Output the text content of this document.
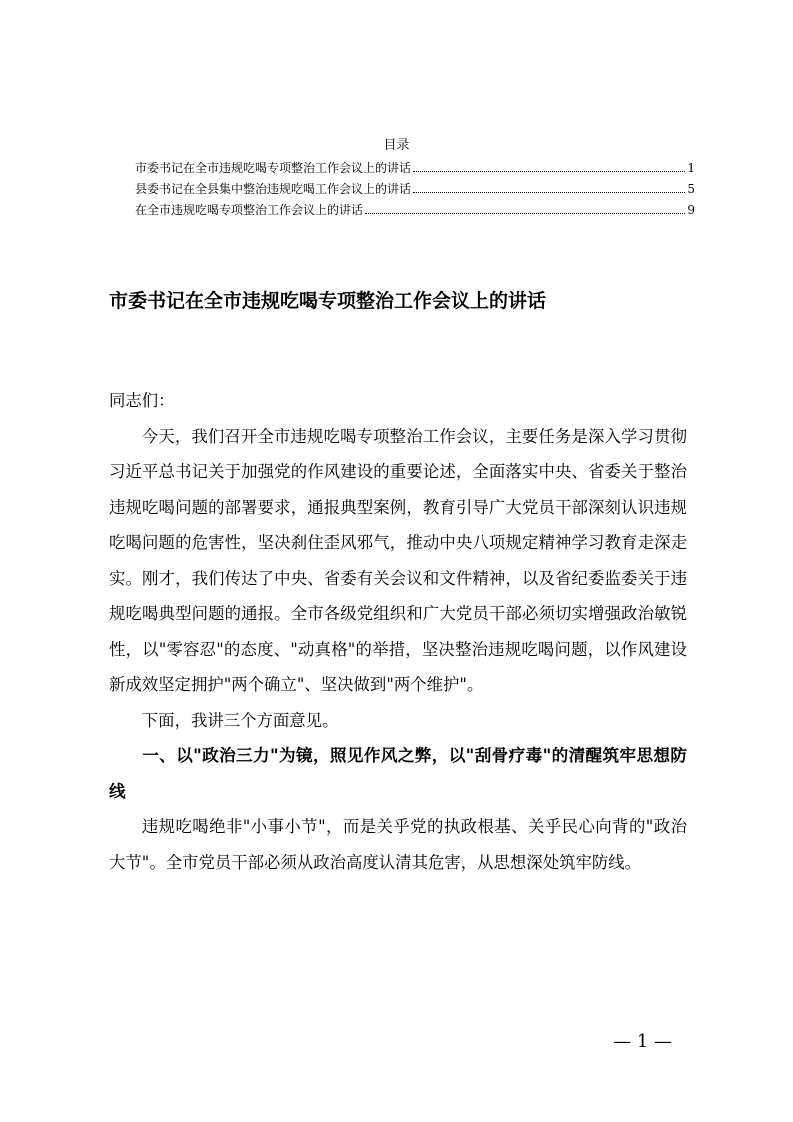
目录
市委书记在全市违规吃喝专项整治工作会议上的讲话	1
县委书记在全县集中整治违规吃喝工作会议上的讲话	5
在全市违规吃喝专项整治工作会议上的讲话	9
市委书记在全市违规吃喝专项整治工作会议上的讲话

同志们：

今天，我们召开全市违规吃喝专项整治工作会议，主要任务是深入学习贯彻习近平总书记关于加强党的作风建设的重要论述，全面落实中央、省委关于整治违规吃喝问题的部署要求，通报典型案例，教育引导广大党员干部深刻认识违规吃喝问题的危害性，坚决刹住歪风邪气，推动中央八项规定精神学习教育走深走实。刚才，我们传达了中央、省委有关会议和文件精神，以及省纪委监委关于违规吃喝典型问题的通报。全市各级党组织和广大党员干部必须切实增强政治敏锐性，以"零容忍"的态度、"动真格"的举措，坚决整治违规吃喝问题，以作风建设新成效坚定拥护"两个确立"、坚决做到"两个维护"。

下面，我讲三个方面意见。

一、以"政治三力"为镜，照见作风之弊，以"刮骨疗毒"的清醒筑牢思想防线

违规吃喝绝非"小事小节"，而是关乎党的执政根基、关乎民心向背的"政治大节"。全市党员干部必须从政治高度认清其危害，从思想深处筑牢防线。

— 1 —
